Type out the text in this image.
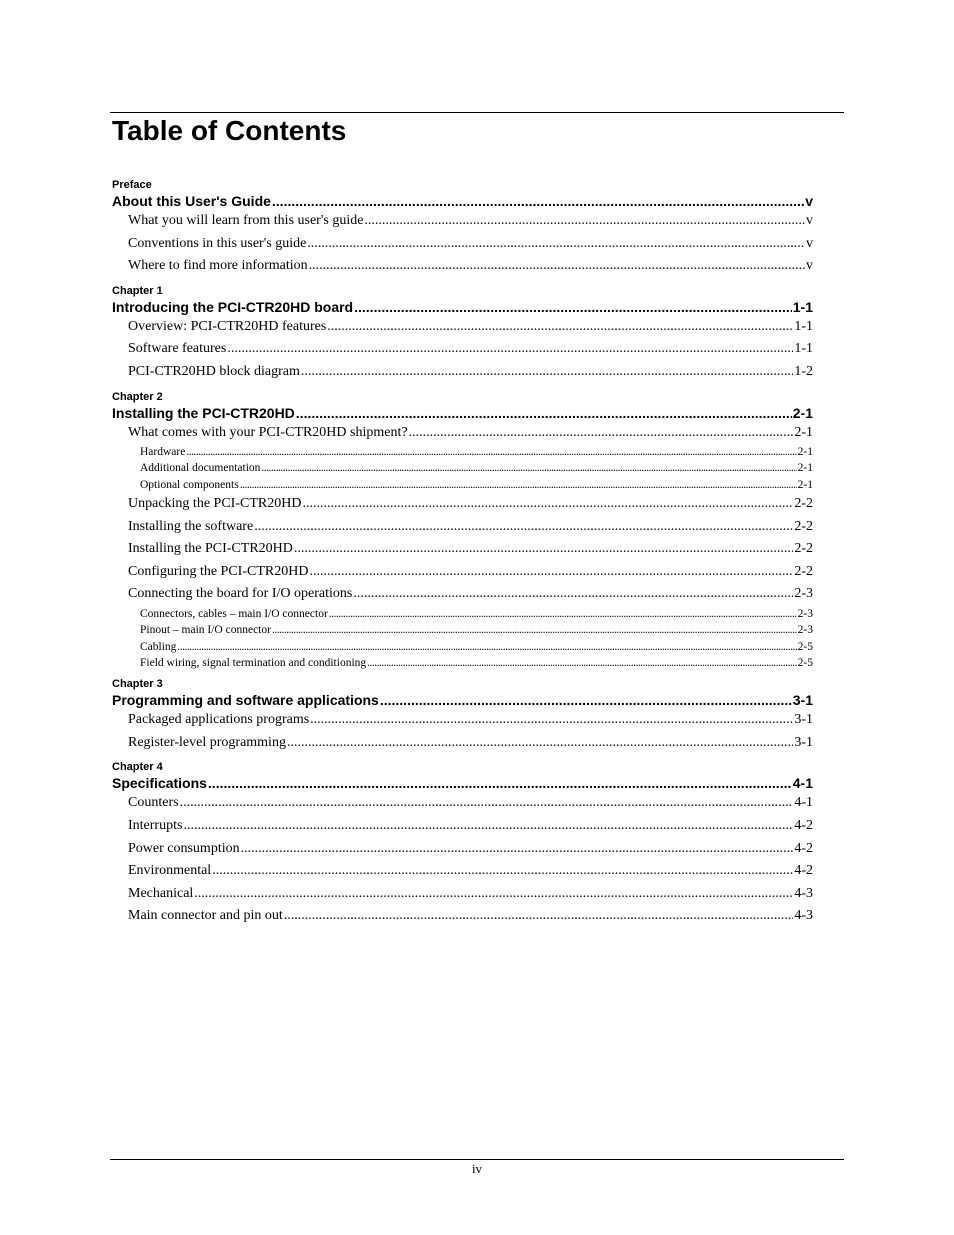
Table of Contents
Preface
About this User's Guide .....	v
What you will learn from this user's guide .....	v
Conventions in this user's guide .....	v
Where to find more information .....	v
Chapter 1
Introducing the PCI-CTR20HD board .....	1-1
Overview: PCI-CTR20HD features .....	1-1
Software features .....	1-1
PCI-CTR20HD block diagram .....	1-2
Chapter 2
Installing the PCI-CTR20HD .....	2-1
What comes with your PCI-CTR20HD shipment? .....	2-1
Hardware .....	2-1
Additional documentation .....	2-1
Optional components .....	2-1
Unpacking the PCI-CTR20HD .....	2-2
Installing the software .....	2-2
Installing the PCI-CTR20HD .....	2-2
Configuring the PCI-CTR20HD .....	2-2
Connecting the board for I/O operations .....	2-3
Connectors, cables – main I/O connector .....	2-3
Pinout – main I/O connector .....	2-3
Cabling .....	2-5
Field wiring, signal termination and conditioning .....	2-5
Chapter 3
Programming and software applications .....	3-1
Packaged applications programs .....	3-1
Register-level programming .....	3-1
Chapter 4
Specifications .....	4-1
Counters .....	4-1
Interrupts .....	4-2
Power consumption .....	4-2
Environmental .....	4-2
Mechanical .....	4-3
Main connector and pin out .....	4-3
iv
